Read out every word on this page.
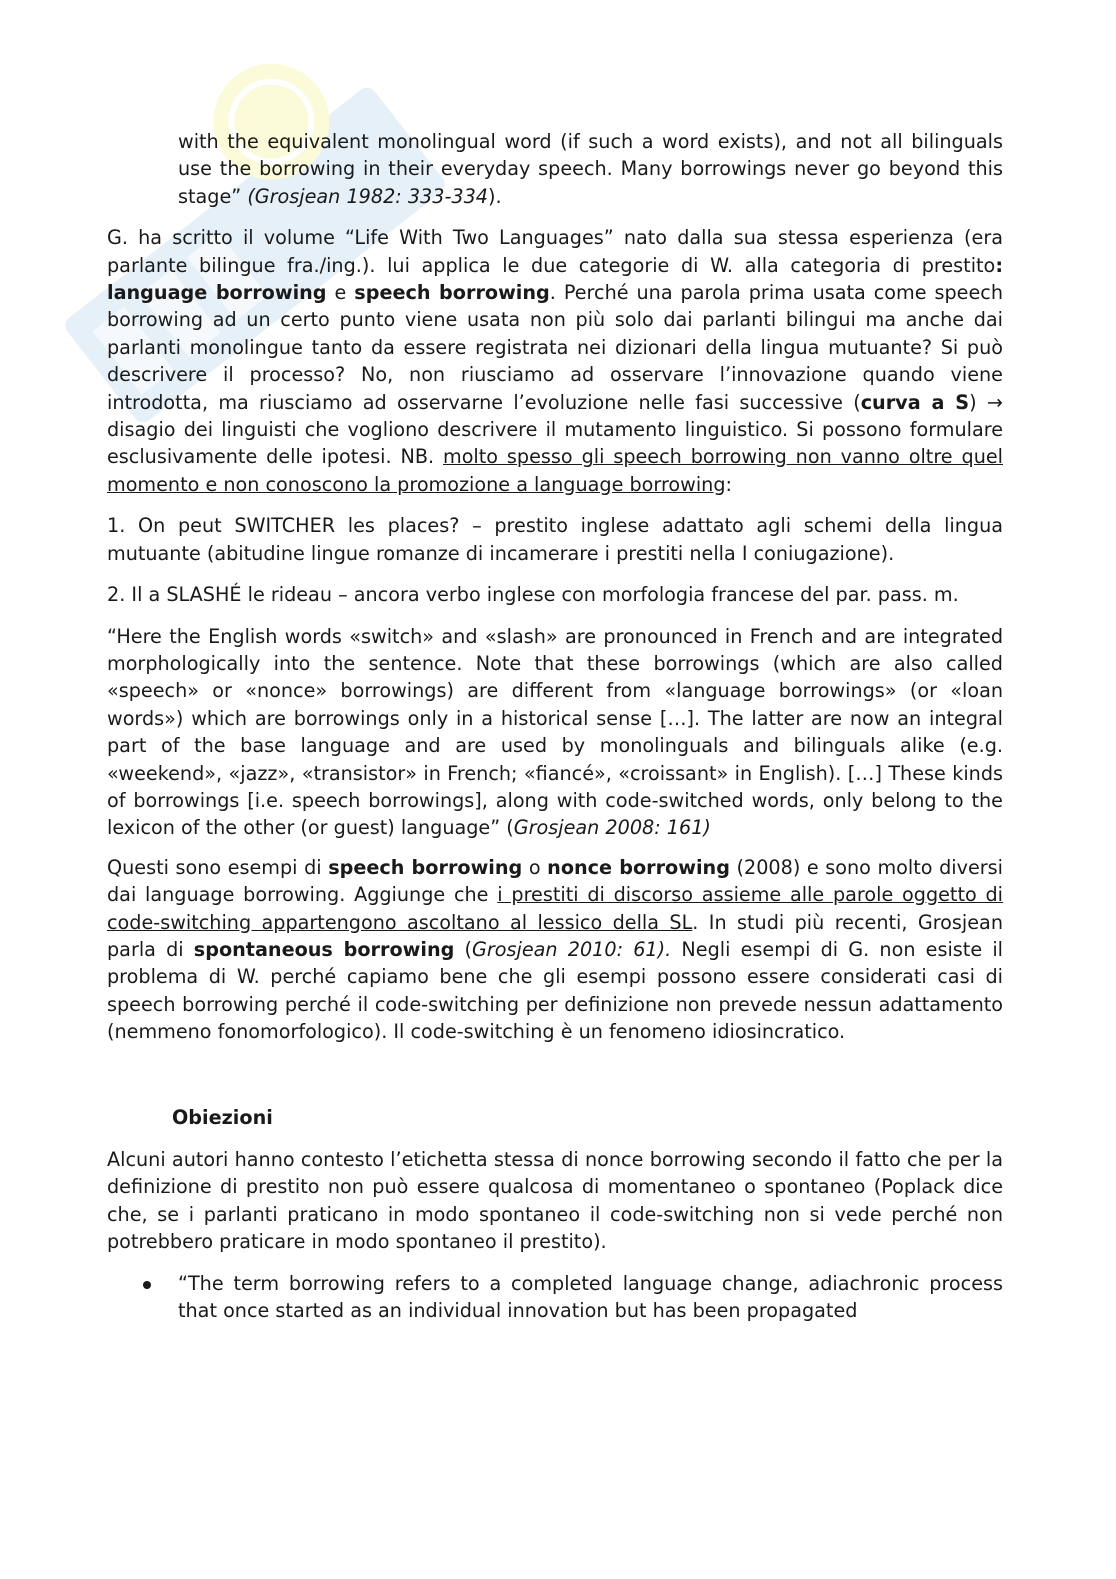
with the equivalent monolingual word (if such a word exists), and not all bilinguals use the borrowing in their everyday speech. Many borrowings never go beyond this stage” (Grosjean 1982: 333-334).

G. ha scritto il volume “Life With Two Languages” nato dalla sua stessa esperienza (era parlante bilingue fra./ing.). lui applica le due categorie di W. alla categoria di prestito: language borrowing e speech borrowing. Perché una parola prima usata come speech borrowing ad un certo punto viene usata non più solo dai parlanti bilingui ma anche dai parlanti monolingue tanto da essere registrata nei dizionari della lingua mutuante? Si può descrivere il processo? No, non riusciamo ad osservare l’innovazione quando viene introdotta, ma riusciamo ad osservarne l’evoluzione nelle fasi successive (curva a S) → disagio dei linguisti che vogliono descrivere il mutamento linguistico. Si possono formulare esclusivamente delle ipotesi. NB. molto spesso gli speech borrowing non vanno oltre quel momento e non conoscono la promozione a language borrowing:

1. On peut SWITCHER les places? – prestito inglese adattato agli schemi della lingua mutuante (abitudine lingue romanze di incamerare i prestiti nella I coniugazione).

2. Il a SLASHÉ le rideau – ancora verbo inglese con morfologia francese del par. pass. m.

“Here the English words «switch» and «slash» are pronounced in French and are integrated morphologically into the sentence. Note that these borrowings (which are also called «speech» or «nonce» borrowings) are different from «language borrowings» (or «loan words») which are borrowings only in a historical sense […]. The latter are now an integral part of the base language and are used by monolinguals and bilinguals alike (e.g. «weekend», «jazz», «transistor» in French; «fiancé», «croissant» in English). […] These kinds of borrowings [i.e. speech borrowings], along with code-switched words, only belong to the lexicon of the other (or guest) language” (Grosjean 2008: 161)

Questi sono esempi di speech borrowing o nonce borrowing (2008) e sono molto diversi dai language borrowing. Aggiunge che i prestiti di discorso assieme alle parole oggetto di code-switching appartengono ascoltano al lessico della SL. In studi più recenti, Grosjean parla di spontaneous borrowing (Grosjean 2010: 61). Negli esempi di G. non esiste il problema di W. perché capiamo bene che gli esempi possono essere considerati casi di speech borrowing perché il code-switching per definizione non prevede nessun adattamento (nemmeno fonomorfologico). Il code-switching è un fenomeno idiosincratico.

Obiezioni

Alcuni autori hanno contesto l’etichetta stessa di nonce borrowing secondo il fatto che per la definizione di prestito non può essere qualcosa di momentaneo o spontaneo (Poplack dice che, se i parlanti praticano in modo spontaneo il code-switching non si vede perché non potrebbero praticare in modo spontaneo il prestito).

“The term borrowing refers to a completed language change, adiachronic process that once started as an individual innovation but has been propagated
